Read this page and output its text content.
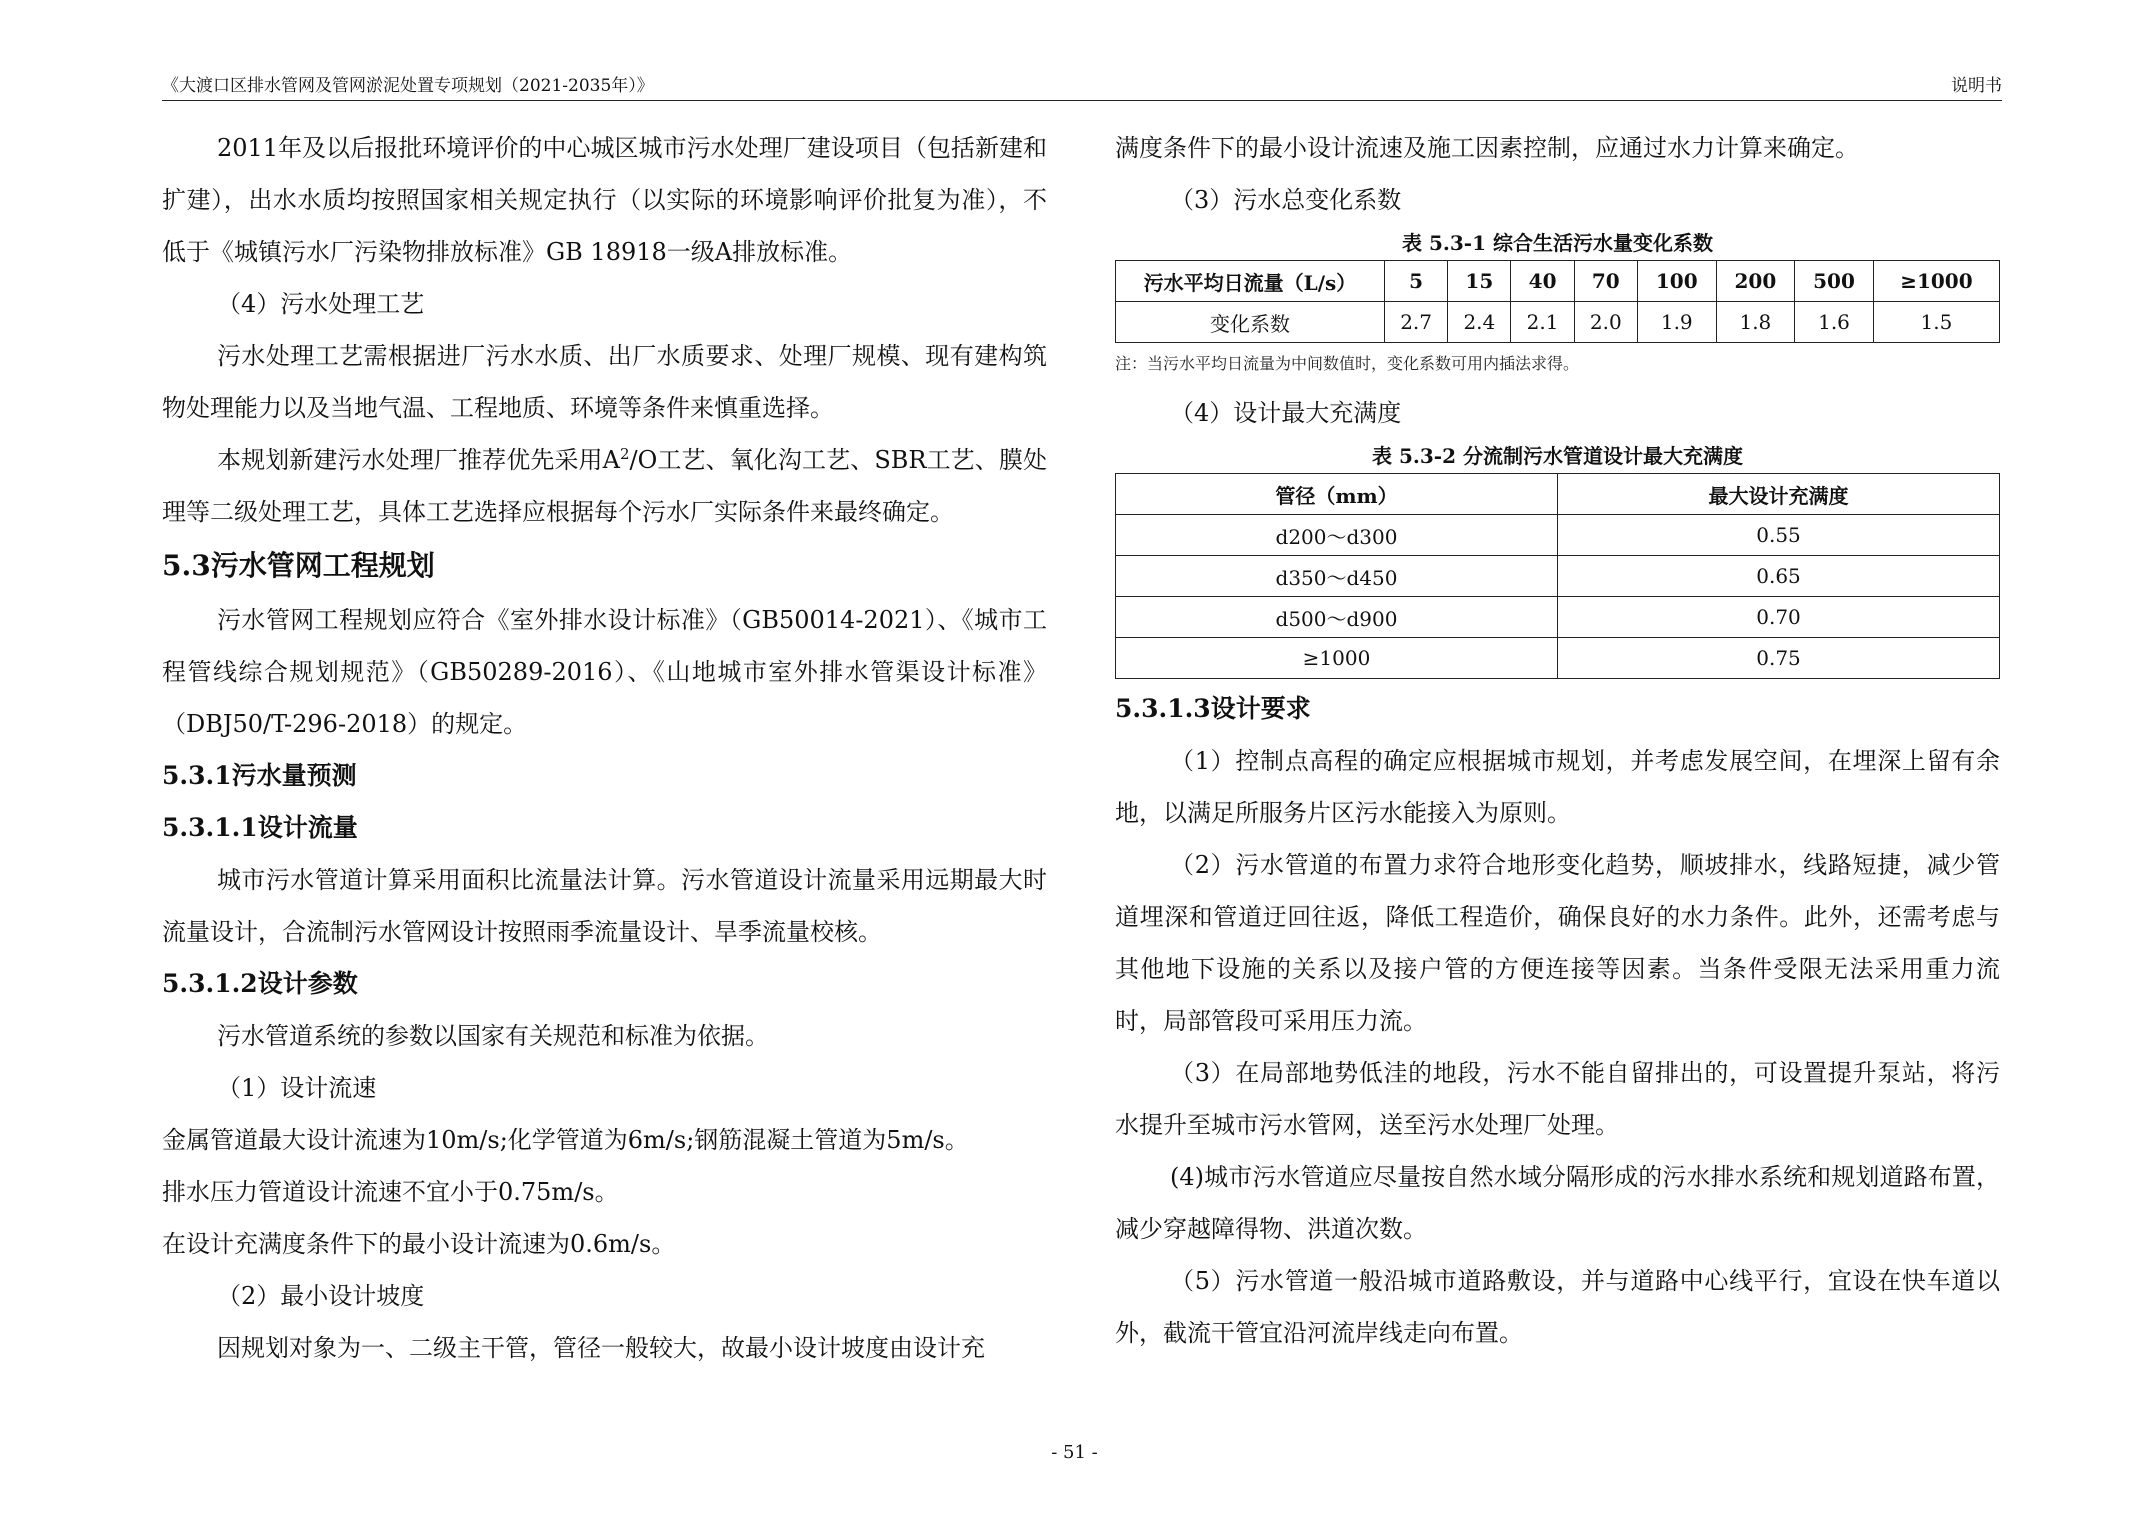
《大渡口区排水管网及管网淤泥处置专项规划（2021-2035年）》	说明书

2011年及以后报批环境评价的中心城区城市污水处理厂建设项目（包括新建和扩建），出水水质均按照国家相关规定执行（以实际的环境影响评价批复为准），不低于《城镇污水厂污染物排放标准》GB 18918一级A排放标准。

（4）污水处理工艺

污水处理工艺需根据进厂污水水质、出厂水质要求、处理厂规模、现有建构筑物处理能力以及当地气温、工程地质、环境等条件来慎重选择。

本规划新建污水处理厂推荐优先采用$A^2/O$工艺、氧化沟工艺、SBR工艺、膜处理等二级处理工艺，具体工艺选择应根据每个污水厂实际条件来最终确定。

5.3污水管网工程规划

污水管网工程规划应符合《室外排水设计标准》（GB50014-2021）、《城市工程管线综合规划规范》（GB50289-2016）、《山地城市室外排水管渠设计标准》（DBJ50/T-296-2018）的规定。

5.3.1污水量预测

5.3.1.1设计流量

城市污水管道计算采用面积比流量法计算。污水管道设计流量采用远期最大时流量设计，合流制污水管网设计按照雨季流量设计、旱季流量校核。

5.3.1.2设计参数

污水管道系统的参数以国家有关规范和标准为依据。

（1）设计流速

金属管道最大设计流速为10m/s;化学管道为6m/s;钢筋混凝土管道为5m/s。

排水压力管道设计流速不宜小于0.75m/s。

在设计充满度条件下的最小设计流速为0.6m/s。

（2）最小设计坡度

因规划对象为一、二级主干管，管径一般较大，故最小设计坡度由设计充

满度条件下的最小设计流速及施工因素控制，应通过水力计算来确定。

（3）污水总变化系数

表 5.3-1 综合生活污水量变化系数

污水平均日流量（L/s）	5	15	40	70	100	200	500	≥1000
变化系数	2.7	2.4	2.1	2.0	1.9	1.8	1.6	1.5

注：当污水平均日流量为中间数值时，变化系数可用内插法求得。

（4）设计最大充满度

表 5.3-2 分流制污水管道设计最大充满度

管径（mm）	最大设计充满度
d200～d300	0.55
d350～d450	0.65
d500～d900	0.70
≥1000	0.75

5.3.1.3设计要求

（1）控制点高程的确定应根据城市规划，并考虑发展空间，在埋深上留有余地，以满足所服务片区污水能接入为原则。

（2）污水管道的布置力求符合地形变化趋势，顺坡排水，线路短捷，减少管道埋深和管道迂回往返，降低工程造价，确保良好的水力条件。此外，还需考虑与其他地下设施的关系以及接户管的方便连接等因素。当条件受限无法采用重力流时，局部管段可采用压力流。

（3）在局部地势低洼的地段，污水不能自留排出的，可设置提升泵站，将污水提升至城市污水管网，送至污水处理厂处理。

(4)城市污水管道应尽量按自然水域分隔形成的污水排水系统和规划道路布置，减少穿越障得物、洪道次数。

（5）污水管道一般沿城市道路敷设，并与道路中心线平行，宜设在快车道以外，截流干管宜沿河流岸线走向布置。

- 51 -
